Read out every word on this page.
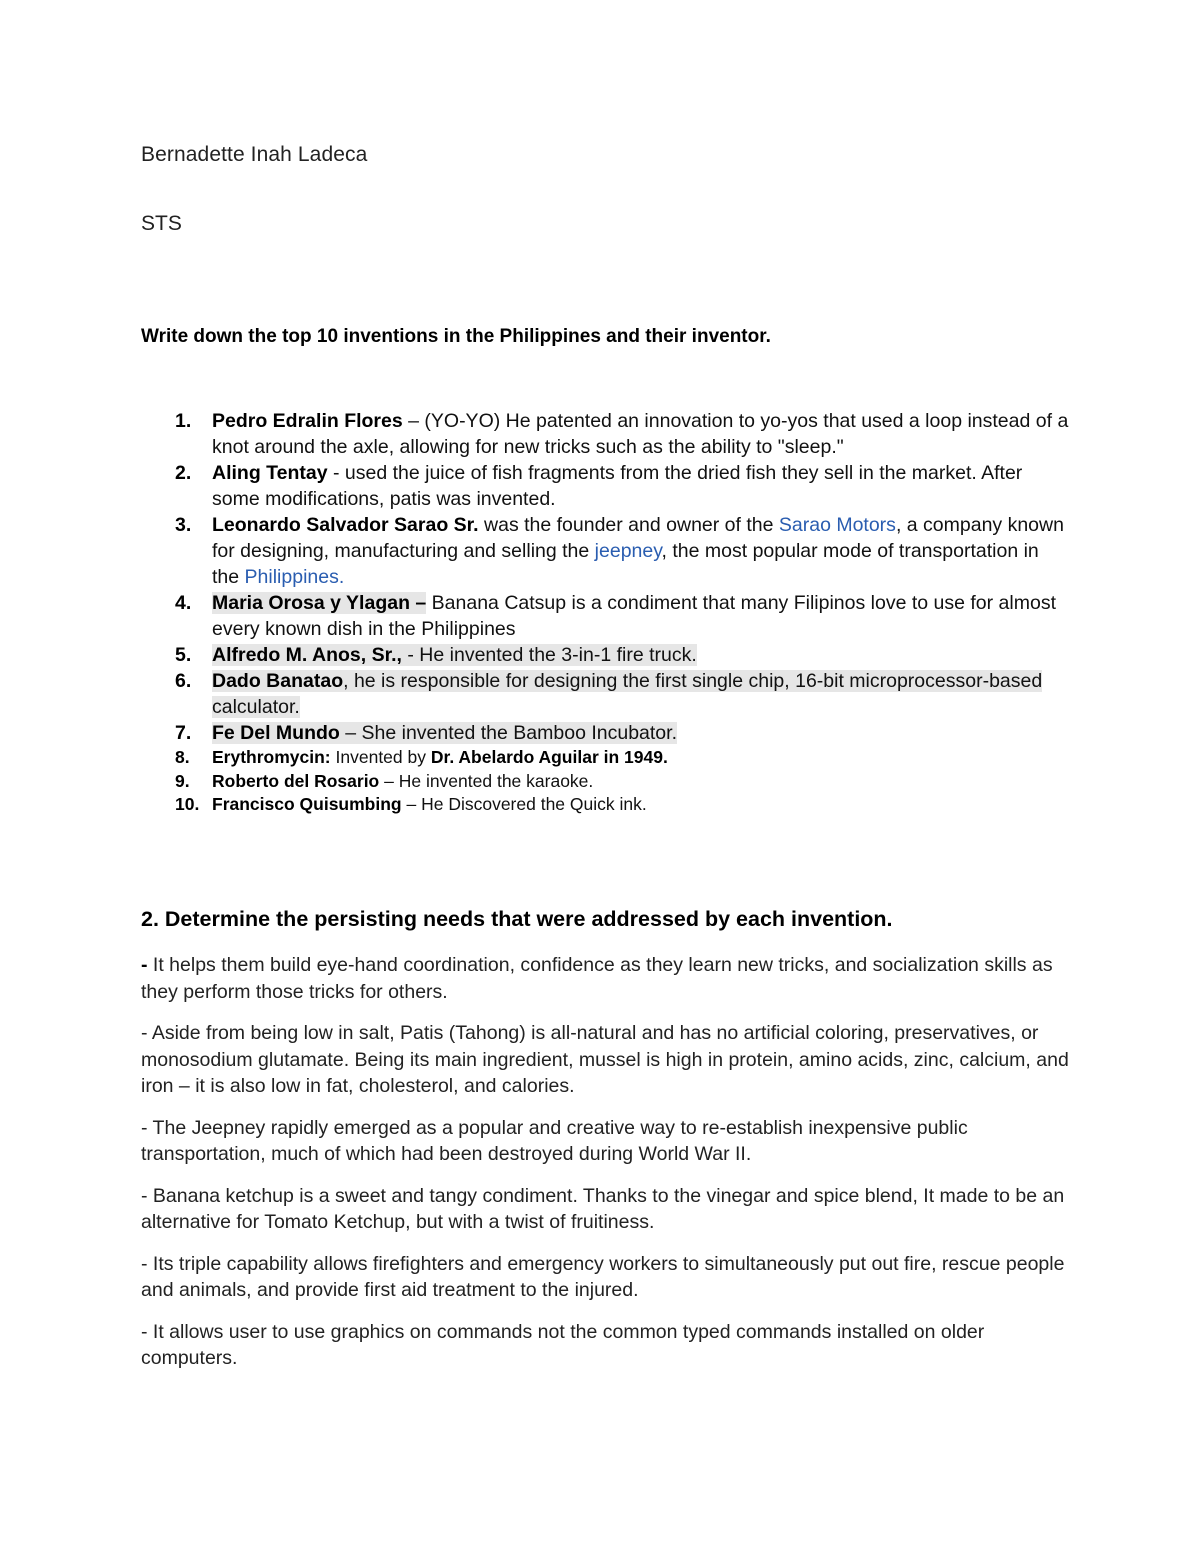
Bernadette Inah Ladeca
STS
Write down the top 10 inventions in the Philippines and their inventor.
1. Pedro Edralin Flores – (YO-YO) He patented an innovation to yo-yos that used a loop instead of a knot around the axle, allowing for new tricks such as the ability to "sleep."
2. Aling Tentay - used the juice of fish fragments from the dried fish they sell in the market. After some modifications, patis was invented.
3. Leonardo Salvador Sarao Sr. was the founder and owner of the Sarao Motors, a company known for designing, manufacturing and selling the jeepney, the most popular mode of transportation in the Philippines.
4. Maria Orosa y Ylagan – Banana Catsup is a condiment that many Filipinos love to use for almost every known dish in the Philippines
5. Alfredo M. Anos, Sr., - He invented the 3-in-1 fire truck.
6. Dado Banatao, he is responsible for designing the first single chip, 16-bit microprocessor-based calculator.
7. Fe Del Mundo – She invented the Bamboo Incubator.
8. Erythromycin: Invented by Dr. Abelardo Aguilar in 1949.
9. Roberto del Rosario – He invented the karaoke.
10. Francisco Quisumbing – He Discovered the Quick ink.
2. Determine the persisting needs that were addressed by each invention.

- It helps them build eye-hand coordination, confidence as they learn new tricks, and socialization skills as they perform those tricks for others.

- Aside from being low in salt, Patis (Tahong) is all-natural and has no artificial coloring, preservatives, or monosodium glutamate. Being its main ingredient, mussel is high in protein, amino acids, zinc, calcium, and iron – it is also low in fat, cholesterol, and calories.

- The Jeepney rapidly emerged as a popular and creative way to re-establish inexpensive public transportation, much of which had been destroyed during World War II.

- Banana ketchup is a sweet and tangy condiment. Thanks to the vinegar and spice blend, It made to be an alternative for Tomato Ketchup, but with a twist of fruitiness.

- Its triple capability allows firefighters and emergency workers to simultaneously put out fire, rescue people and animals, and provide first aid treatment to the injured.

- It allows user to use graphics on commands not the common typed commands installed on older computers.
